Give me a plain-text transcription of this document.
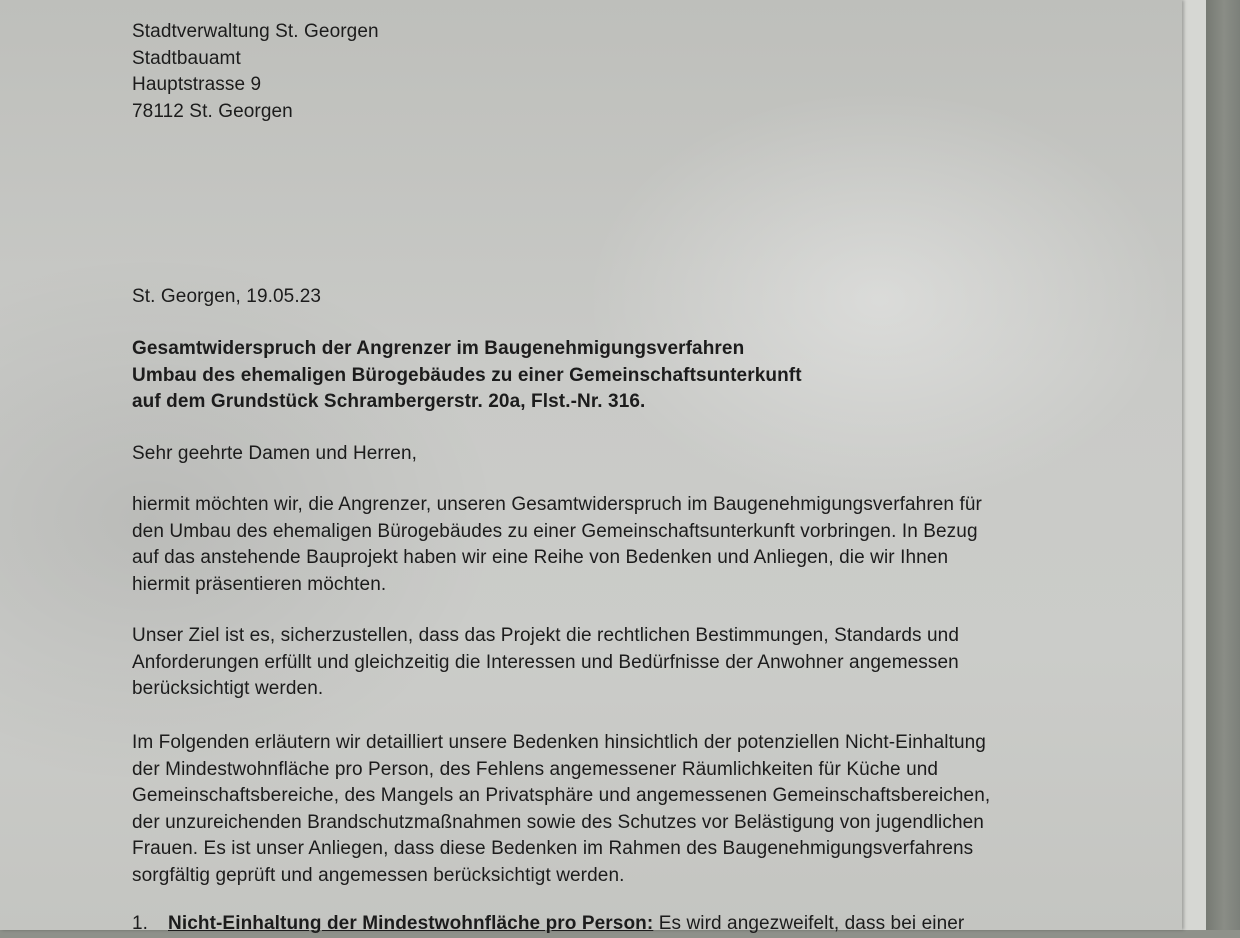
Stadtverwaltung St. Georgen
Stadtbauamt
Hauptstrasse 9
78112 St. Georgen
St. Georgen, 19.05.23
Gesamtwiderspruch der Angrenzer im Baugenehmigungsverfahren
Umbau des ehemaligen Bürogebäudes zu einer Gemeinschaftsunterkunft
auf dem Grundstück Schrambergerstr. 20a, Flst.-Nr. 316.
Sehr geehrte Damen und Herren,
hiermit möchten wir, die Angrenzer, unseren Gesamtwiderspruch im Baugenehmigungsverfahren für
den Umbau des ehemaligen Bürogebäudes zu einer Gemeinschaftsunterkunft vorbringen. In Bezug
auf das anstehende Bauprojekt haben wir eine Reihe von Bedenken und Anliegen, die wir Ihnen
hiermit präsentieren möchten.
Unser Ziel ist es, sicherzustellen, dass das Projekt die rechtlichen Bestimmungen, Standards und
Anforderungen erfüllt und gleichzeitig die Interessen und Bedürfnisse der Anwohner angemessen
berücksichtigt werden.
Im Folgenden erläutern wir detailliert unsere Bedenken hinsichtlich der potenziellen Nicht-Einhaltung
der Mindestwohnfläche pro Person, des Fehlens angemessener Räumlichkeiten für Küche und
Gemeinschaftsbereiche, des Mangels an Privatsphäre und angemessenen Gemeinschaftsbereichen,
der unzureichenden Brandschutzmaßnahmen sowie des Schutzes vor Belästigung von jugendlichen
Frauen. Es ist unser Anliegen, dass diese Bedenken im Rahmen des Baugenehmigungsverfahrens
sorgfältig geprüft und angemessen berücksichtigt werden.
1. Nicht-Einhaltung der Mindestwohnfläche pro Person: Es wird angezweifelt, dass bei einer
